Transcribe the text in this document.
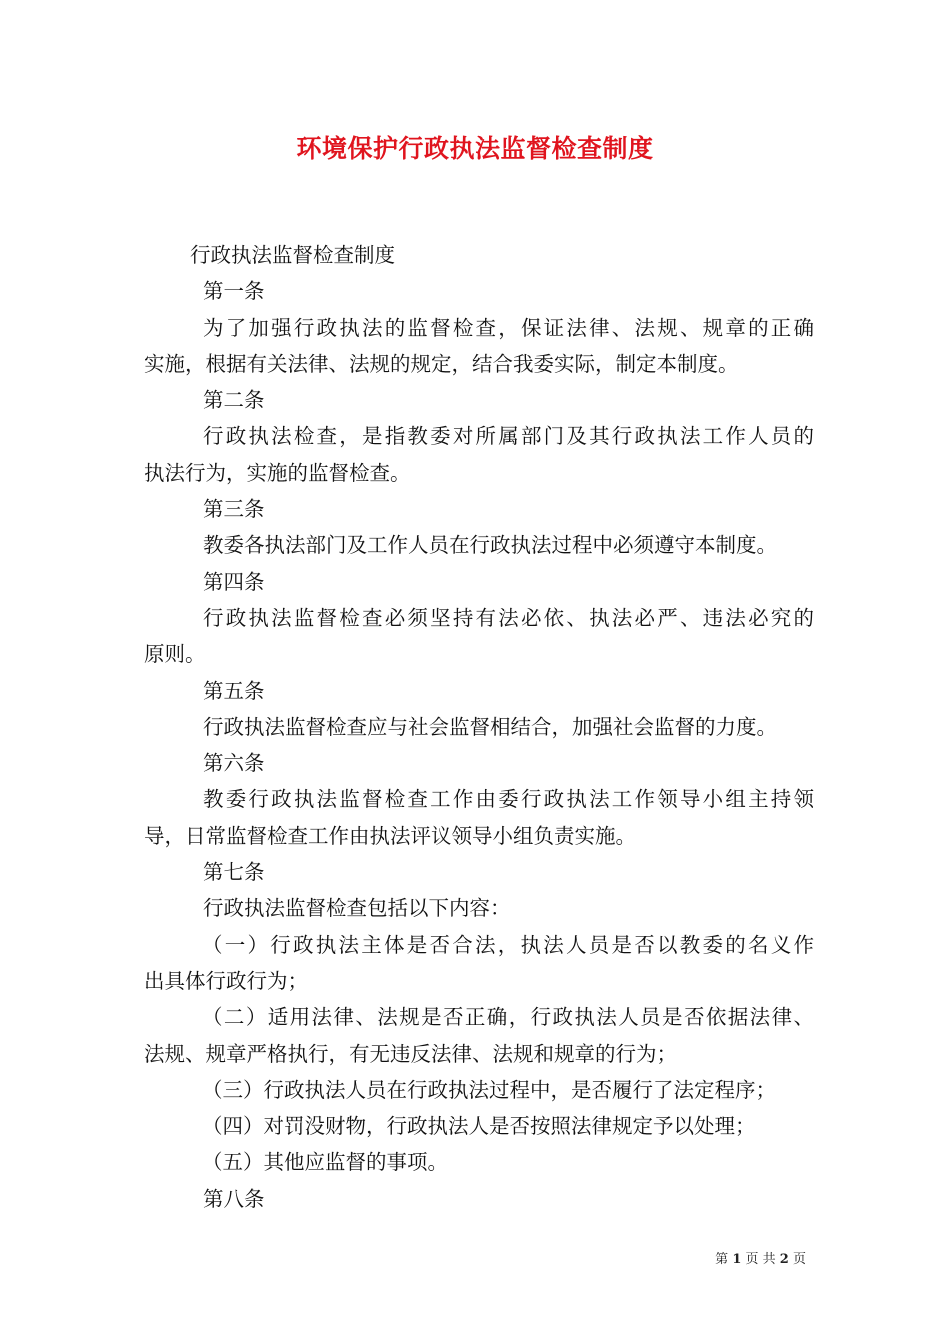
环境保护行政执法监督检查制度
行政执法监督检查制度
第一条
为了加强行政执法的监督检查，保证法律、法规、规章的正确
实施，根据有关法律、法规的规定，结合我委实际，制定本制度。
第二条
行政执法检查，是指教委对所属部门及其行政执法工作人员的
执法行为，实施的监督检查。
第三条
教委各执法部门及工作人员在行政执法过程中必须遵守本制度。
第四条
行政执法监督检查必须坚持有法必依、执法必严、违法必究的
原则。
第五条
行政执法监督检查应与社会监督相结合，加强社会监督的力度。
第六条
教委行政执法监督检查工作由委行政执法工作领导小组主持领
导，日常监督检查工作由执法评议领导小组负责实施。
第七条
行政执法监督检查包括以下内容：
（一）行政执法主体是否合法，执法人员是否以教委的名义作
出具体行政行为；
（二）适用法律、法规是否正确，行政执法人员是否依据法律、
法规、规章严格执行，有无违反法律、法规和规章的行为；
（三）行政执法人员在行政执法过程中，是否履行了法定程序；
（四）对罚没财物，行政执法人是否按照法律规定予以处理；
（五）其他应监督的事项。
第八条
第 1 页 共 2 页
